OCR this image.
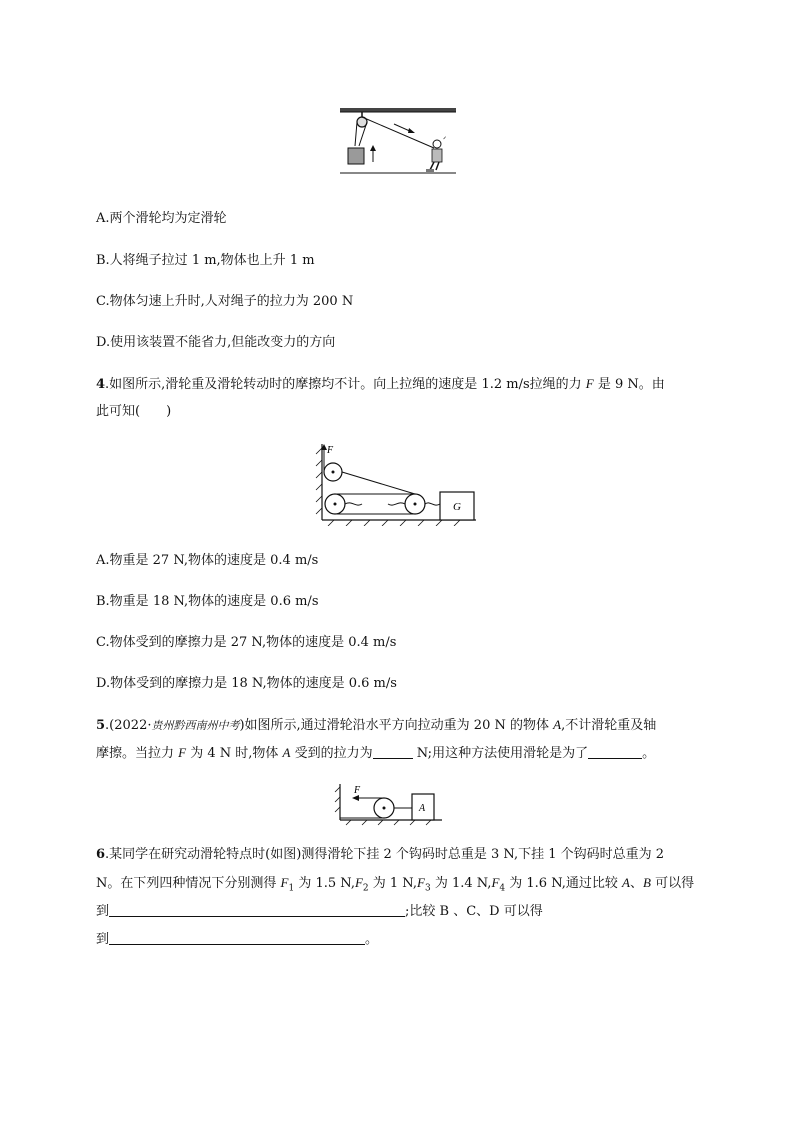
ᐟ
A.两个滑轮均为定滑轮
B.人将绳子拉过 1 m,物体也上升 1 m
C.物体匀速上升时,人对绳子的拉力为 200 N
D.使用该装置不能省力,但能改变力的方向
4.如图所示,滑轮重及滑轮转动时的摩擦均不计。向上拉绳的速度是 1.2 m/s拉绳的力 F 是 9 N。由
此可知(　　)
F
G
A.物重是 27 N,物体的速度是 0.4 m/s
B.物重是 18 N,物体的速度是 0.6 m/s
C.物体受到的摩擦力是 27 N,物体的速度是 0.4 m/s
D.物体受到的摩擦力是 18 N,物体的速度是 0.6 m/s
5.(2022·贵州黔西南州中考)如图所示,通过滑轮沿水平方向拉动重为 20 N 的物体 A,不计滑轮重及轴
摩擦。当拉力 F 为 4 N 时,物体 A 受到的拉力为	N;用这种方法使用滑轮是为了	。
F
A
6.某同学在研究动滑轮特点时(如图)测得滑轮下挂 2 个钩码时总重是 3 N,下挂 1 个钩码时总重为 2
N。在下列四种情况下分别测得 $F_1$ 为 1.5 $N,F_2$ 为 1 $N,F_3$ 为 1.4 $N,F_4$ 为 1.6 N,通过比较 A、B 可以得
到	;比较 B 、C、D 可以得
到	。
